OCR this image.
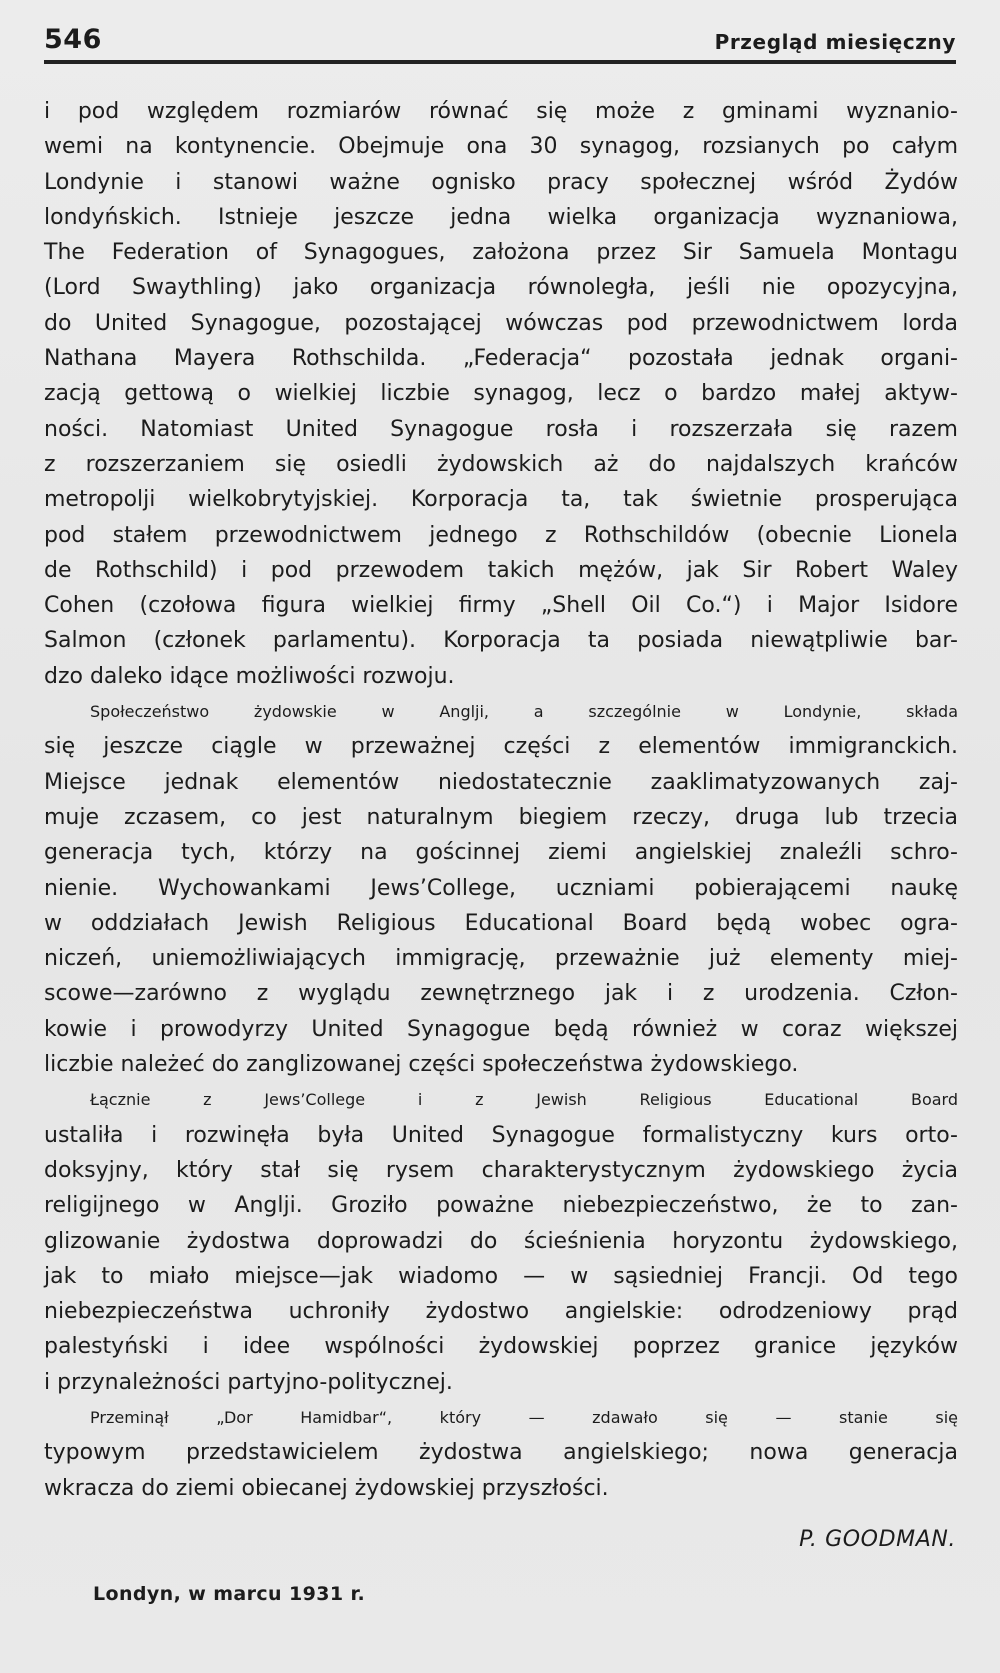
546	Przegląd miesięczny
i pod względem rozmiarów równać się może z gminami wyznanio-
wemi na kontynencie. Obejmuje ona 30 synagog, rozsianych po całym
Londynie i stanowi ważne ognisko pracy społecznej wśród Żydów
londyńskich. Istnieje jeszcze jedna wielka organizacja wyznaniowa,
The Federation of Synagogues, założona przez Sir Samuela Montagu
(Lord Swaythling) jako organizacja równoległa, jeśli nie opozycyjna,
do United Synagogue, pozostającej wówczas pod przewodnictwem lorda
Nathana Mayera Rothschilda. „Federacja“ pozostała jednak organi-
zacją gettową o wielkiej liczbie synagog, lecz o bardzo małej aktyw-
ności. Natomiast United Synagogue rosła i rozszerzała się razem
z rozszerzaniem się osiedli żydowskich aż do najdalszych krańców
metropolji wielkobrytyjskiej. Korporacja ta, tak świetnie prosperująca
pod stałem przewodnictwem jednego z Rothschildów (obecnie Lionela
de Rothschild) i pod przewodem takich mężów, jak Sir Robert Waley
Cohen (czołowa figura wielkiej firmy „Shell Oil Co.“) i Major Isidore
Salmon (członek parlamentu). Korporacja ta posiada niewątpliwie bar-
dzo daleko idące możliwości rozwoju.
Społeczeństwo żydowskie w Anglji, a szczególnie w Londynie, składa
się jeszcze ciągle w przeważnej części z elementów immigranckich.
Miejsce jednak elementów niedostatecznie zaaklimatyzowanych zaj-
muje zczasem, co jest naturalnym biegiem rzeczy, druga lub trzecia
generacja tych, którzy na gościnnej ziemi angielskiej znaleźli schro-
nienie. Wychowankami Jews’College, uczniami pobierającemi naukę
w oddziałach Jewish Religious Educational Board będą wobec ogra-
niczeń, uniemożliwiających immigrację, przeważnie już elementy miej-
scowe—zarówno z wyglądu zewnętrznego jak i z urodzenia. Człon-
kowie i prowodyrzy United Synagogue będą również w coraz większej
liczbie należeć do zanglizowanej części społeczeństwa żydowskiego.
Łącznie z Jews’College i z Jewish Religious Educational Board
ustaliła i rozwinęła była United Synagogue formalistyczny kurs orto-
doksyjny, który stał się rysem charakterystycznym żydowskiego życia
religijnego w Anglji. Groziło poważne niebezpieczeństwo, że to zan-
glizowanie żydostwa doprowadzi do ścieśnienia horyzontu żydowskiego,
jak to miało miejsce—jak wiadomo — w sąsiedniej Francji. Od tego
niebezpieczeństwa uchroniły żydostwo angielskie: odrodzeniowy prąd
palestyński i idee wspólności żydowskiej poprzez granice języków
i przynależności partyjno-politycznej.
Przeminął „Dor Hamidbar“, który — zdawało się — stanie się
typowym przedstawicielem żydostwa angielskiego; nowa generacja
wkracza do ziemi obiecanej żydowskiej przyszłości.
P. GOODMAN.
Londyn, w marcu 1931 r.
